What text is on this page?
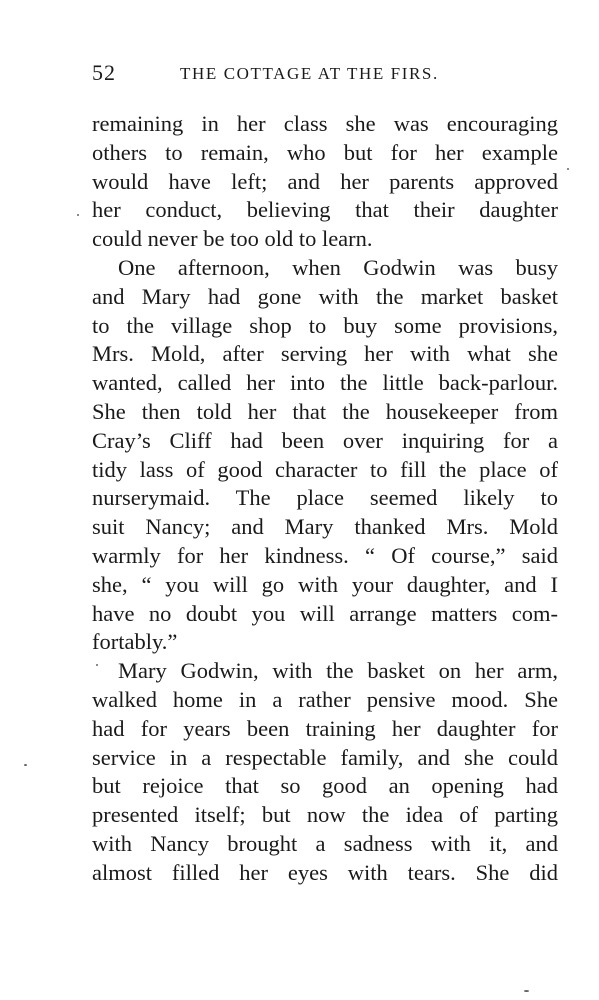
52	THE COTTAGE AT THE FIRS.
remaining in her class she was encouraging
others to remain, who but for her example
would have left; and her parents approved
her conduct, believing that their daughter
could never be too old to learn.
One afternoon, when Godwin was busy
and Mary had gone with the market basket
to the village shop to buy some provisions,
Mrs. Mold, after serving her with what she
wanted, called her into the little back-parlour.
She then told her that the housekeeper from
Cray’s Cliff had been over inquiring for a
tidy lass of good character to fill the place of
nurserymaid. The place seemed likely to
suit Nancy; and Mary thanked Mrs. Mold
warmly for her kindness. “ Of course,” said
she, “ you will go with your daughter, and I
have no doubt you will arrange matters com-
fortably.”
Mary Godwin, with the basket on her arm,
walked home in a rather pensive mood. She
had for years been training her daughter for
service in a respectable family, and she could
but rejoice that so good an opening had
presented itself; but now the idea of parting
with Nancy brought a sadness with it, and
almost filled her eyes with tears. She did
